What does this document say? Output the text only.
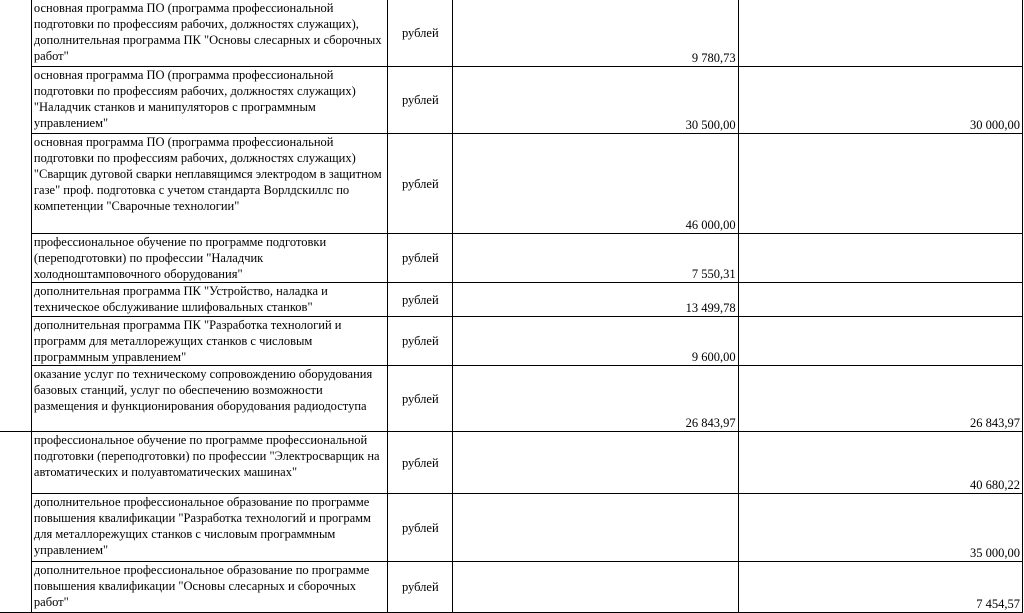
	основная программа ПО (программа профессиональной подготовки по профессиям рабочих, должностях служащих), дополнительная программа ПК "Основы слесарных и сборочных работ"	рублей	9 780,73	

	основная программа ПО (программа профессиональной подготовки по профессиям рабочих, должностях служащих) "Наладчик станков и манипуляторов с программным управлением"	рублей	30 500,00	30 000,00

	основная программа ПО (программа профессиональной подготовки по профессиям рабочих, должностях служащих) "Сварщик дуговой сварки неплавящимся электродом в защитном газе" проф. подготовка с учетом стандарта Ворлдскиллс по компетенции "Сварочные технологии"	рублей	46 000,00	

	профессиональное обучение по программе подготовки (переподготовки) по профессии "Наладчик холодноштамповочного оборудования"	рублей	7 550,31	

	дополнительная программа ПК "Устройство, наладка и техническое обслуживание шлифовальных станков"	рублей	13 499,78	

	дополнительная программа ПК "Разработка технологий и программ для металлорежущих станков с числовым программным управлением"	рублей	9 600,00	

	оказание услуг по техническому сопровождению оборудования базовых станций, услуг по обеспечению возможности размещения и функционирования оборудования радиодоступа	рублей	26 843,97	26 843,97

	профессиональное обучение по программе профессиональной подготовки (переподготовки) по профессии "Электросварщик на автоматических и полуавтоматических машинах"	рублей		40 680,22

	дополнительное профессиональное образование по программе повышения квалификации "Разработка технологий и программ для металлорежущих станков с числовым программным управлением"	рублей		35 000,00

	дополнительное профессиональное образование по программе повышения квалификации "Основы слесарных и сборочных работ"	рублей		7 454,57
